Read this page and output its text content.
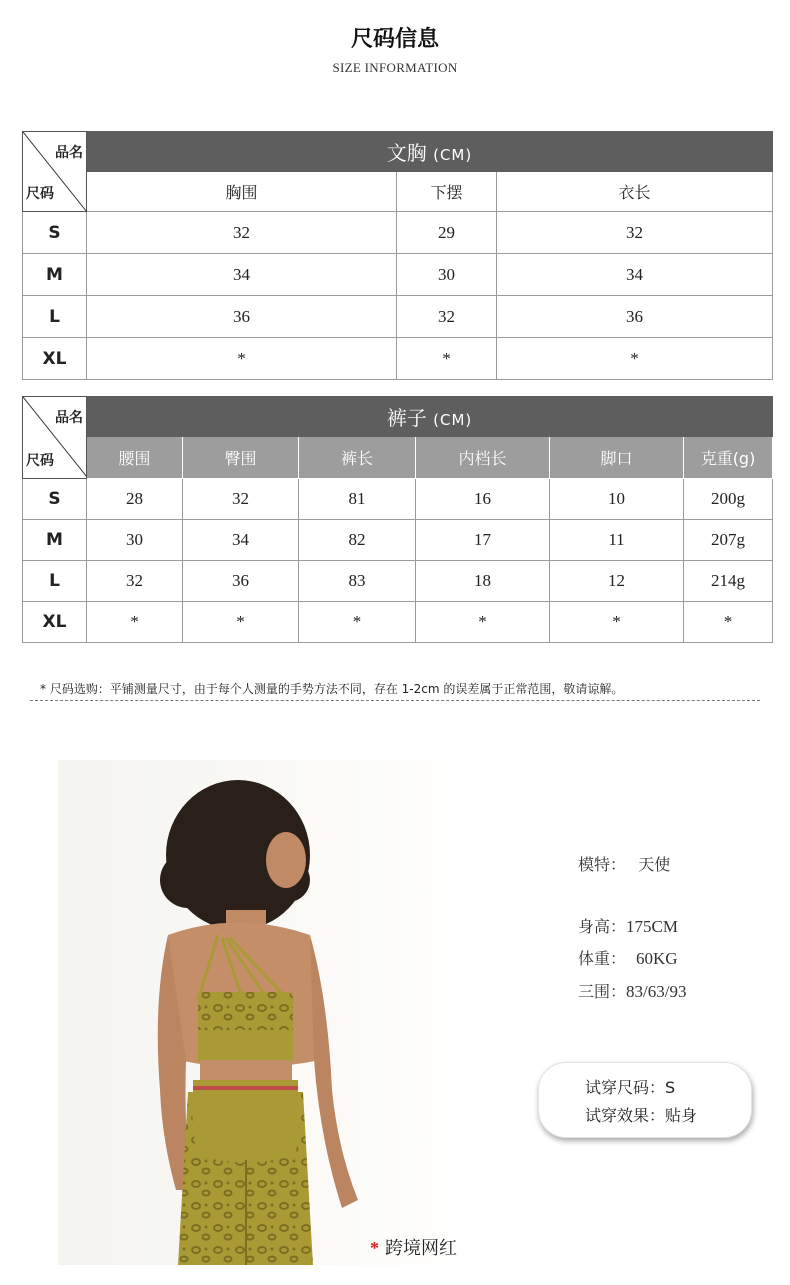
尺码信息
SIZE INFORMATION
品名
尺码	文胸 (CM)		
	胸围	下摆	衣长
S	32	29	32
M	34	30	34
L	36	32	36
XL	*	*	*
品名
尺码	裤子 (CM)					
	腰围	臀围	裤长	内档长	脚口	克重(g)
S	28	32	81	16	10	200g
M	30	34	82	17	11	207g
L	32	36	83	18	12	214g
XL	*	*	*	*	*	*
* 尺码选购：平铺测量尺寸，由于每个人测量的手势方法不同，存在 1-2cm 的误差属于正常范围，敬请谅解。
* 跨境网红
模特： 天使
身高：175CM
体重： 60KG
三围：83/63/93
试穿尺码：S
试穿效果：贴身
